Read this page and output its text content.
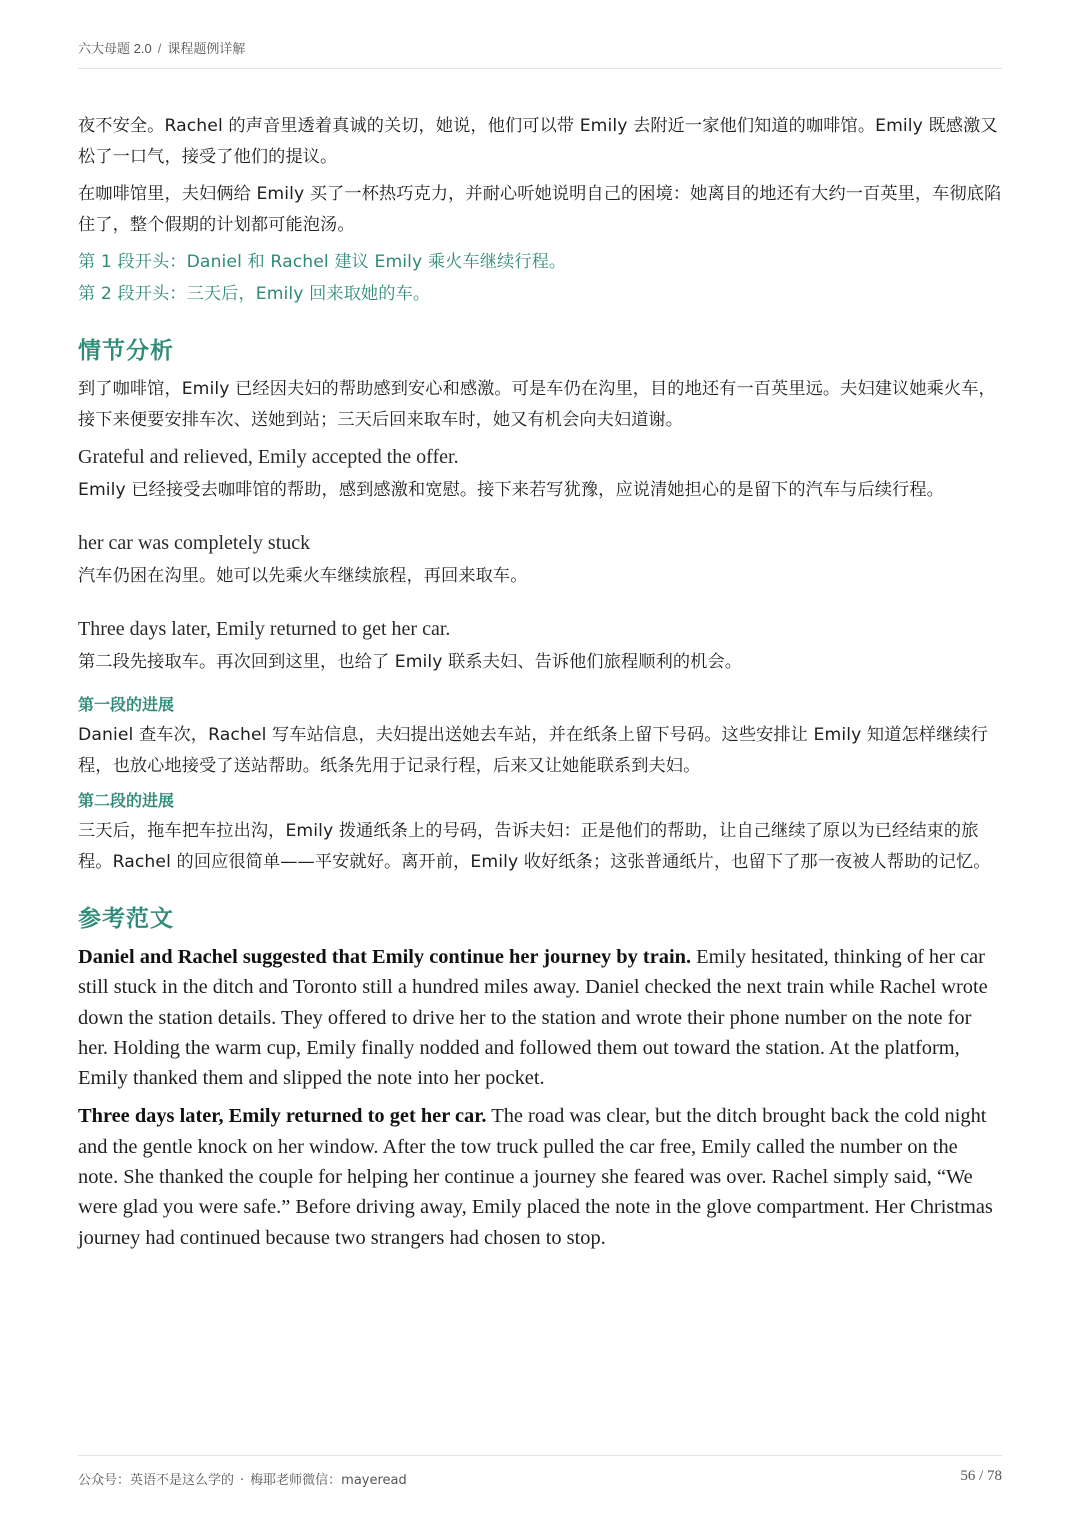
六大母题 2.0 / 课程题例详解

夜不安全。Rachel 的声音里透着真诚的关切，她说，他们可以带 Emily 去附近一家他们知道的咖啡馆。Emily 既感激又松了一口气，接受了他们的提议。

在咖啡馆里，夫妇俩给 Emily 买了一杯热巧克力，并耐心听她说明自己的困境：她离目的地还有大约一百英里，车彻底陷住了，整个假期的计划都可能泡汤。

第 1 段开头：Daniel 和 Rachel 建议 Emily 乘火车继续行程。

第 2 段开头：三天后，Emily 回来取她的车。

情节分析

到了咖啡馆，Emily 已经因夫妇的帮助感到安心和感激。可是车仍在沟里，目的地还有一百英里远。夫妇建议她乘火车，接下来便要安排车次、送她到站；三天后回来取车时，她又有机会向夫妇道谢。

Grateful and relieved, Emily accepted the offer.

Emily 已经接受去咖啡馆的帮助，感到感激和宽慰。接下来若写犹豫，应说清她担心的是留下的汽车与后续行程。

her car was completely stuck

汽车仍困在沟里。她可以先乘火车继续旅程，再回来取车。

Three days later, Emily returned to get her car.

第二段先接取车。再次回到这里，也给了 Emily 联系夫妇、告诉他们旅程顺利的机会。

第一段的进展

Daniel 查车次，Rachel 写车站信息，夫妇提出送她去车站，并在纸条上留下号码。这些安排让 Emily 知道怎样继续行程，也放心地接受了送站帮助。纸条先用于记录行程，后来又让她能联系到夫妇。

第二段的进展

三天后，拖车把车拉出沟，Emily 拨通纸条上的号码，告诉夫妇：正是他们的帮助，让自己继续了原以为已经结束的旅程。Rachel 的回应很简单——平安就好。离开前，Emily 收好纸条；这张普通纸片，也留下了那一夜被人帮助的记忆。

参考范文

Daniel and Rachel suggested that Emily continue her journey by train. Emily hesitated, thinking of her car still stuck in the ditch and Toronto still a hundred miles away. Daniel checked the next train while Rachel wrote down the station details. They offered to drive her to the station and wrote their phone number on the note for her. Holding the warm cup, Emily finally nodded and followed them out toward the station. At the platform, Emily thanked them and slipped the note into her pocket.

Three days later, Emily returned to get her car. The road was clear, but the ditch brought back the cold night and the gentle knock on her window. After the tow truck pulled the car free, Emily called the number on the note. She thanked the couple for helping her continue a journey she feared was over. Rachel simply said, “We were glad you were safe.” Before driving away, Emily placed the note in the glove compartment. Her Christmas journey had continued because two strangers had chosen to stop.

公众号：英语不是这么学的 · 梅耶老师微信：mayeread	56 / 78
